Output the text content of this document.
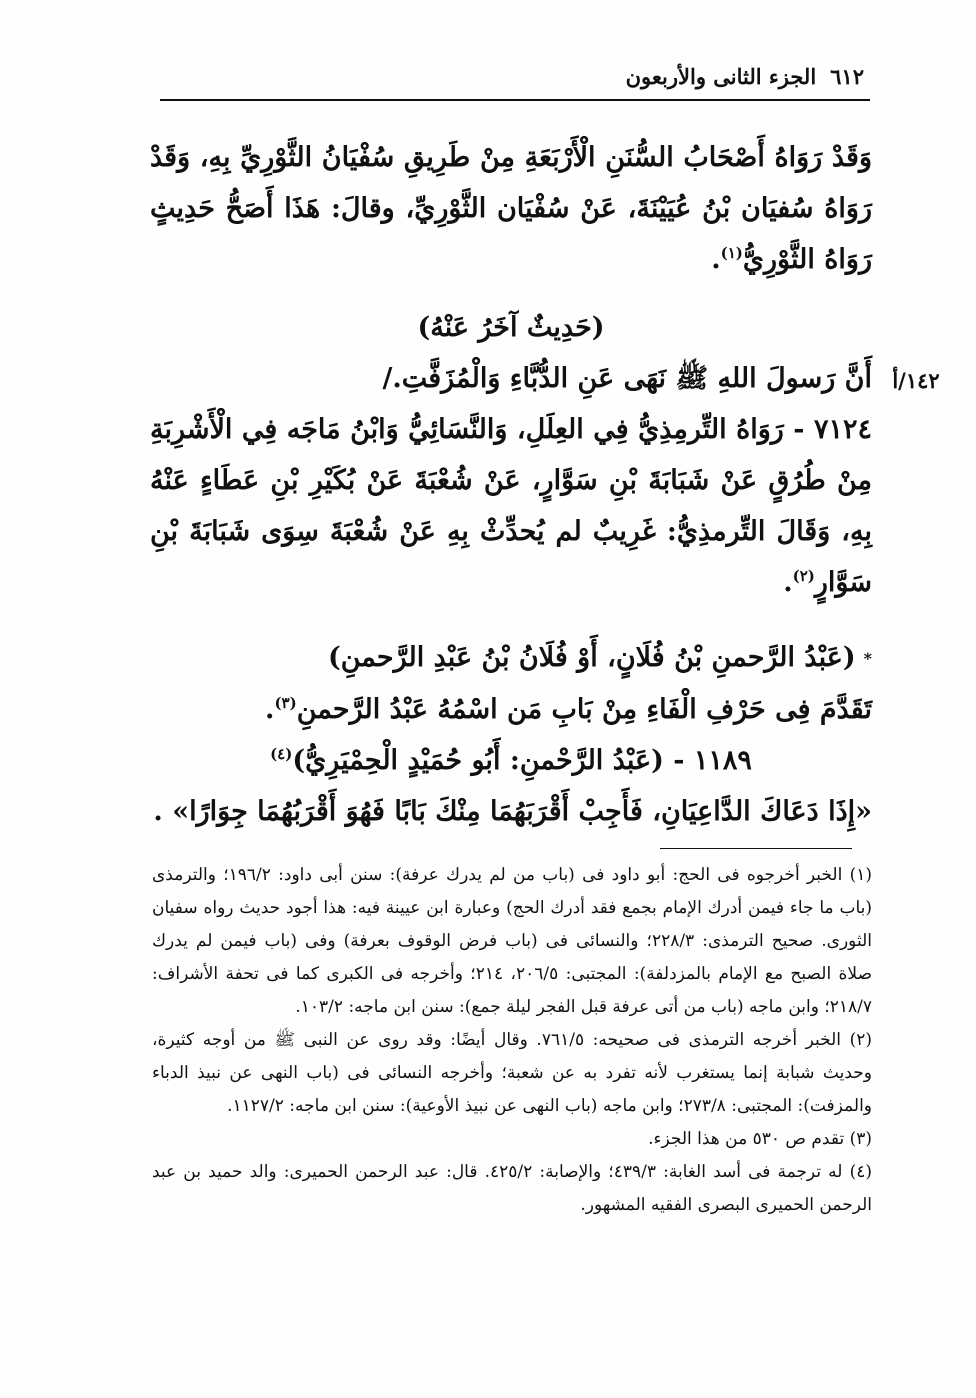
٦١٢
الجزء الثانى والأربعون
١٤٢/أ

وَقَدْ رَوَاهُ أَصْحَابُ السُّنَنِ الْأَرْبَعَةِ مِنْ طَرِيقِ سُفْيَانُ الثَّوْرِيِّ بِهِ، وَقَدْ رَوَاهُ سُفيَان بْنُ عُيَيْنَةَ، عَنْ سُفْيَان الثَّوْرِيِّ، وقالَ: هَذَا أَصَحُّ حَدِيثٍ رَوَاهُ الثَّوْرِيُّ$^{(١)}$.

(حَدِيثٌ آخَرُ عَنْهُ)

أَنَّ رَسولَ اللهِ ﷺ نَهَى عَنِ الدُّبَّاءِ وَالْمُزَفَّتِ./

٧١٢٤ - رَوَاهُ التِّرمِذِيُّ فِي العِلَلِ، وَالنَّسَائِيُّ وَابْنُ مَاجَه فِي الْأَشْرِبَةِ مِنْ طُرُقٍ عَنْ شَبَابَةَ بْنِ سَوَّارٍ، عَنْ شُعْبَةَ عَنْ بُكَيْرِ بْنِ عَطَاءٍ عَنْهُ بِهِ، وَقَالَ التِّرمذِيُّ: غَرِيبٌ لم يُحدِّثْ بِهِ عَنْ شُعْبَةَ سِوَى شَبَابَةَ بْنِ سَوَّارٍ$^{(٢)}$.

*(عَبْدُ الرَّحمنِ بْنُ فُلَانٍ، أَوْ فُلَانُ بْنُ عَبْدِ الرَّحمنِ)

تَقَدَّمَ فِى حَرْفِ الْفَاءِ مِنْ بَابِ مَن اسْمُهُ عَبْدُ الرَّحمنِ$^{(٣)}$.

١١٨٩ - (عَبْدُ الرَّحْمنِ: أَبُو حُمَيْدٍ الْحِمْيَرِيُّ)$^{(٤)}$

«إِذَا دَعَاكَ الدَّاعِيَانِ، فَأَجِبْ أَقْرَبَهُمَا مِنْكَ بَابًا فَهُوَ أَقْرَبُهُمَا جِوَارًا» .

(١) الخبر أخرجوه فى الحج: أبو داود فى (باب من لم يدرك عرفة): سنن أبى داود: ١٩٦/٢؛ والترمذى (باب ما جاء فيمن أدرك الإمام بجمع فقد أدرك الحج) وعبارة ابن عيينة فيه: هذا أجود حديث رواه سفيان الثورى. صحيح الترمذى: ٢٢٨/٣؛ والنسائى فى (باب فرض الوقوف بعرفة) وفى (باب فيمن لم يدرك صلاة الصبح مع الإمام بالمزدلفة): المجتبى: ٢٠٦/٥، ٢١٤؛ وأخرجه فى الكبرى كما فى تحفة الأشراف: ٢١٨/٧؛ وابن ماجه (باب من أتى عرفة قبل الفجر ليلة جمع): سنن ابن ماجه: ١٠٣/٢.

(٢) الخبر أخرجه الترمذى فى صحيحه: ٧٦١/٥. وقال أيضًا: وقد روى عن النبى ﷺ من أوجه كثيرة، وحديث شبابة إنما يستغرب لأنه تفرد به عن شعبة؛ وأخرجه النسائى فى (باب النهى عن نبيذ الدباء والمزفت): المجتبى: ٢٧٣/٨؛ وابن ماجه (باب النهى عن نبيذ الأوعية): سنن ابن ماجه: ١١٢٧/٢.

(٣) تقدم ص ٥٣٠ من هذا الجزء.

(٤) له ترجمة فى أسد الغابة: ٤٣٩/٣؛ والإصابة: ٤٢٥/٢. قال: عبد الرحمن الحميرى: والد حميد بن عبد الرحمن الحميرى البصرى الفقيه المشهور.
